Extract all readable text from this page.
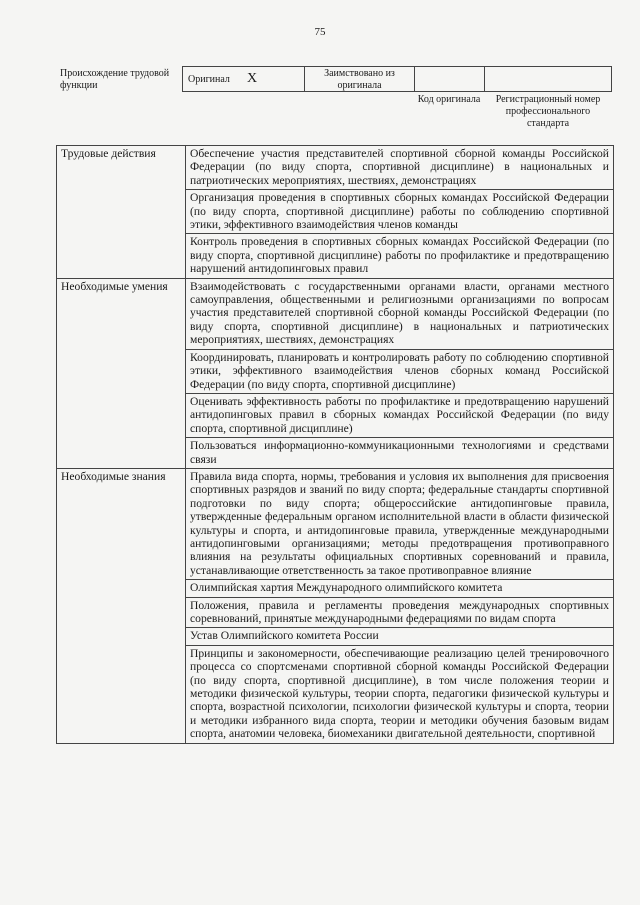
75
Происхождение трудовой функции
Оригинал X	Заимствовано из оригинала
Код оригинала	Регистрационный номер профессионального стандарта
Трудовые действия	Обеспечение участия представителей спортивной сборной команды Российской Федерации (по виду спорта, спортивной дисциплине) в национальных и патриотических мероприятиях, шествиях, демонстрациях

	Организация проведения в спортивных сборных командах Российской Федерации (по виду спорта, спортивной дисциплине) работы по соблюдению спортивной этики, эффективного взаимодействия членов команды

	Контроль проведения в спортивных сборных командах Российской Федерации (по виду спорта, спортивной дисциплине) работы по профилактике и предотвращению нарушений антидопинговых правил

Необходимые умения	Взаимодействовать с государственными органами власти, органами местного самоуправления, общественными и религиозными организациями по вопросам участия представителей спортивной сборной команды Российской Федерации (по виду спорта, спортивной дисциплине) в национальных и патриотических мероприятиях, шествиях, демонстрациях

	Координировать, планировать и контролировать работу по соблюдению спортивной этики, эффективного взаимодействия членов сборных команд Российской Федерации (по виду спорта, спортивной дисциплине)

	Оценивать эффективность работы по профилактике и предотвращению нарушений антидопинговых правил в сборных командах Российской Федерации (по виду спорта, спортивной дисциплине)

	Пользоваться информационно-коммуникационными технологиями и средствами связи

Необходимые знания	Правила вида спорта, нормы, требования и условия их выполнения для присвоения спортивных разрядов и званий по виду спорта; федеральные стандарты спортивной подготовки по виду спорта; общероссийские антидопинговые правила, утвержденные федеральным органом исполнительной власти в области физической культуры и спорта, и антидопинговые правила, утвержденные международными антидопинговыми организациями; методы предотвращения противоправного влияния на результаты официальных спортивных соревнований и правила, устанавливающие ответственность за такое противоправное влияние

	Олимпийская хартия Международного олимпийского комитета

	Положения, правила и регламенты проведения международных спортивных соревнований, принятые международными федерациями по видам спорта

	Устав Олимпийского комитета России

	Принципы и закономерности, обеспечивающие реализацию целей тренировочного процесса со спортсменами спортивной сборной команды Российской Федерации (по виду спорта, спортивной дисциплине), в том числе положения теории и методики физической культуры, теории спорта, педагогики физической культуры и спорта, возрастной психологии, психологии физической культуры и спорта, теории и методики избранного вида спорта, теории и методики обучения базовым видам спорта, анатомии человека, биомеханики двигательной деятельности, спортивной
